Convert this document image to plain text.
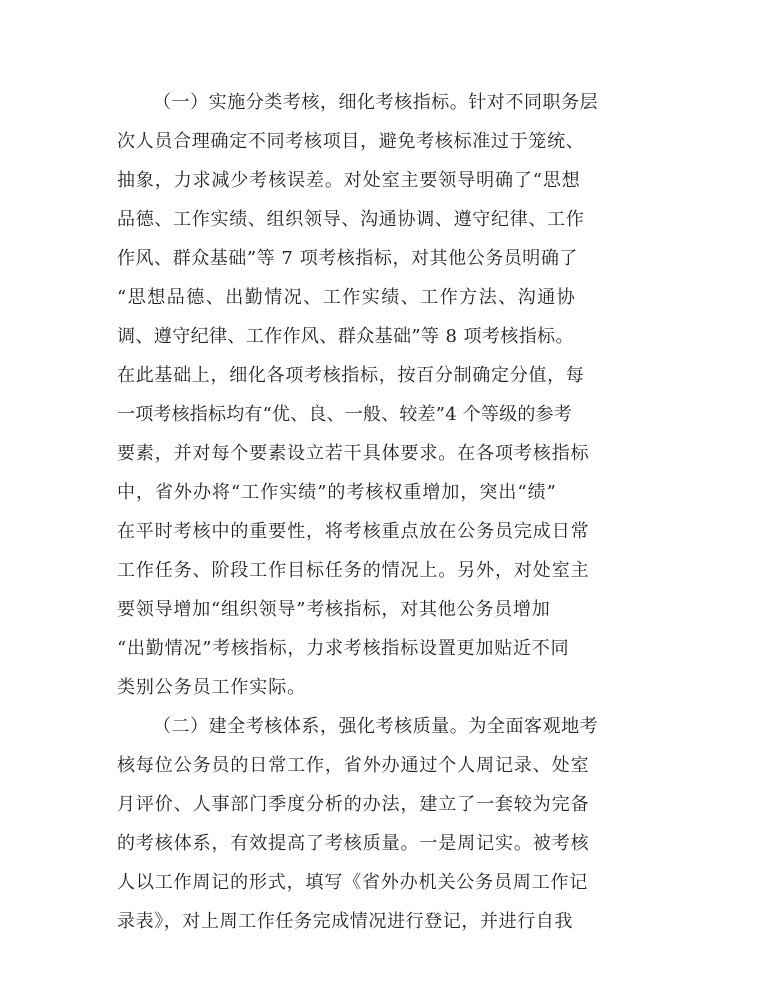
（一）实施分类考核，细化考核指标。针对不同职务层

次人员合理确定不同考核项目，避免考核标准过于笼统、

抽象，力求减少考核误差。对处室主要领导明确了“思想

品德、工作实绩、组织领导、沟通协调、遵守纪律、工作

作风、群众基础”等 7 项考核指标，对其他公务员明确了

“思想品德、出勤情况、工作实绩、工作方法、沟通协

调、遵守纪律、工作作风、群众基础”等 8 项考核指标。

在此基础上，细化各项考核指标，按百分制确定分值，每

一项考核指标均有“优、良、一般、较差”4 个等级的参考

要素，并对每个要素设立若干具体要求。在各项考核指标

中，省外办将“工作实绩”的考核权重增加，突出“绩”

在平时考核中的重要性，将考核重点放在公务员完成日常

工作任务、阶段工作目标任务的情况上。另外，对处室主

要领导增加“组织领导”考核指标，对其他公务员增加

“出勤情况”考核指标，力求考核指标设置更加贴近不同

类别公务员工作实际。

（二）建全考核体系，强化考核质量。为全面客观地考

核每位公务员的日常工作，省外办通过个人周记录、处室

月评价、人事部门季度分析的办法，建立了一套较为完备

的考核体系，有效提高了考核质量。一是周记实。被考核

人以工作周记的形式，填写《省外办机关公务员周工作记

录表》，对上周工作任务完成情况进行登记，并进行自我
